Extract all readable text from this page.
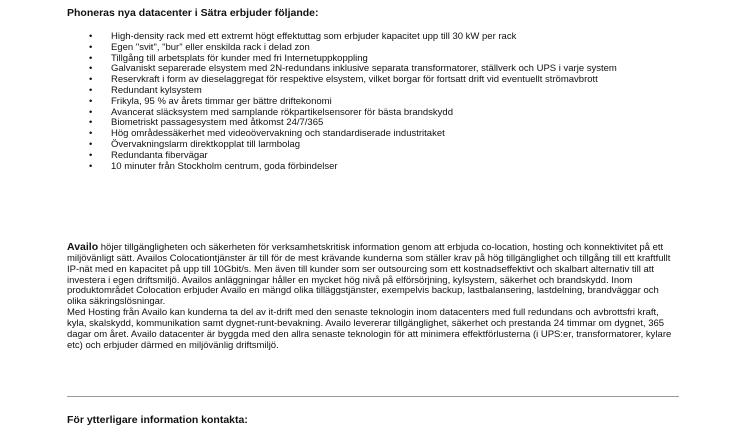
Phoneras nya datacenter i Sätra erbjuder följande:
• High-density rack med ett extremt högt effektuttag som erbjuder kapacitet upp till 30 kW per rack
• Egen "svit", "bur" eller enskilda rack i delad zon
• Tillgång till arbetsplats för kunder med fri Internetuppkoppling
• Galvaniskt separerade elsystem med 2N-redundans inklusive separata transformatorer, ställverk och UPS i varje system
• Reservkraft i form av dieselaggregat för respektive elsystem, vilket borgar för fortsatt drift vid eventuellt strömavbrott
• Redundant kylsystem
• Frikyla, 95 % av årets timmar ger bättre driftekonomi
• Avancerat släcksystem med samplande rökpartikelsensorer för bästa brandskydd
• Biometriskt passagesystem med åtkomst 24/7/365
• Hög områdessäkerhet med videoövervakning och standardiserade industritaket
• Övervakningslarm direktkopplat till larmbolag
• Redundanta fibervägar
• 10 minuter från Stockholm centrum, goda förbindelser

Availo höjer tillgängligheten och säkerheten för verksamhetskritisk information genom att erbjuda co-location, hosting och konnektivitet på ett miljövänligt sätt. Availos Colocationtjänster är till för de mest krävande kunderna som ställer krav på hög tillgänglighet och tillgång till ett kraftfullt IP-nät med en kapacitet på upp till 10Gbit/s. Men även till kunder som ser outsourcing som ett kostnadseffektivt och skalbart alternativ till att investera i egen driftsmiljö. Availos anläggningar håller en mycket hög nivå på elförsörjning, kylsystem, säkerhet och brandskydd. Inom produktområdet Colocation erbjuder Availo en mängd olika tilläggstjänster, exempelvis backup, lastbalansering, lastdelning, brandväggar och olika säkringslösningar.
Med Hosting från Availo kan kunderna ta del av it-drift med den senaste teknologin inom datacenters med full redundans och avbrottsfri kraft, kyla, skalskydd, kommunikation samt dygnet-runt-bevakning. Availo levererar tillgänglighet, säkerhet och prestanda 24 timmar om dygnet, 365 dagar om året. Availo datacenter är byggda med den allra senaste teknologin för att minimera effektförlusterna (i UPS:er, transformatorer, kylare etc) och erbjuder därmed en miljövänlig driftsmiljö.

För ytterligare information kontakta:
